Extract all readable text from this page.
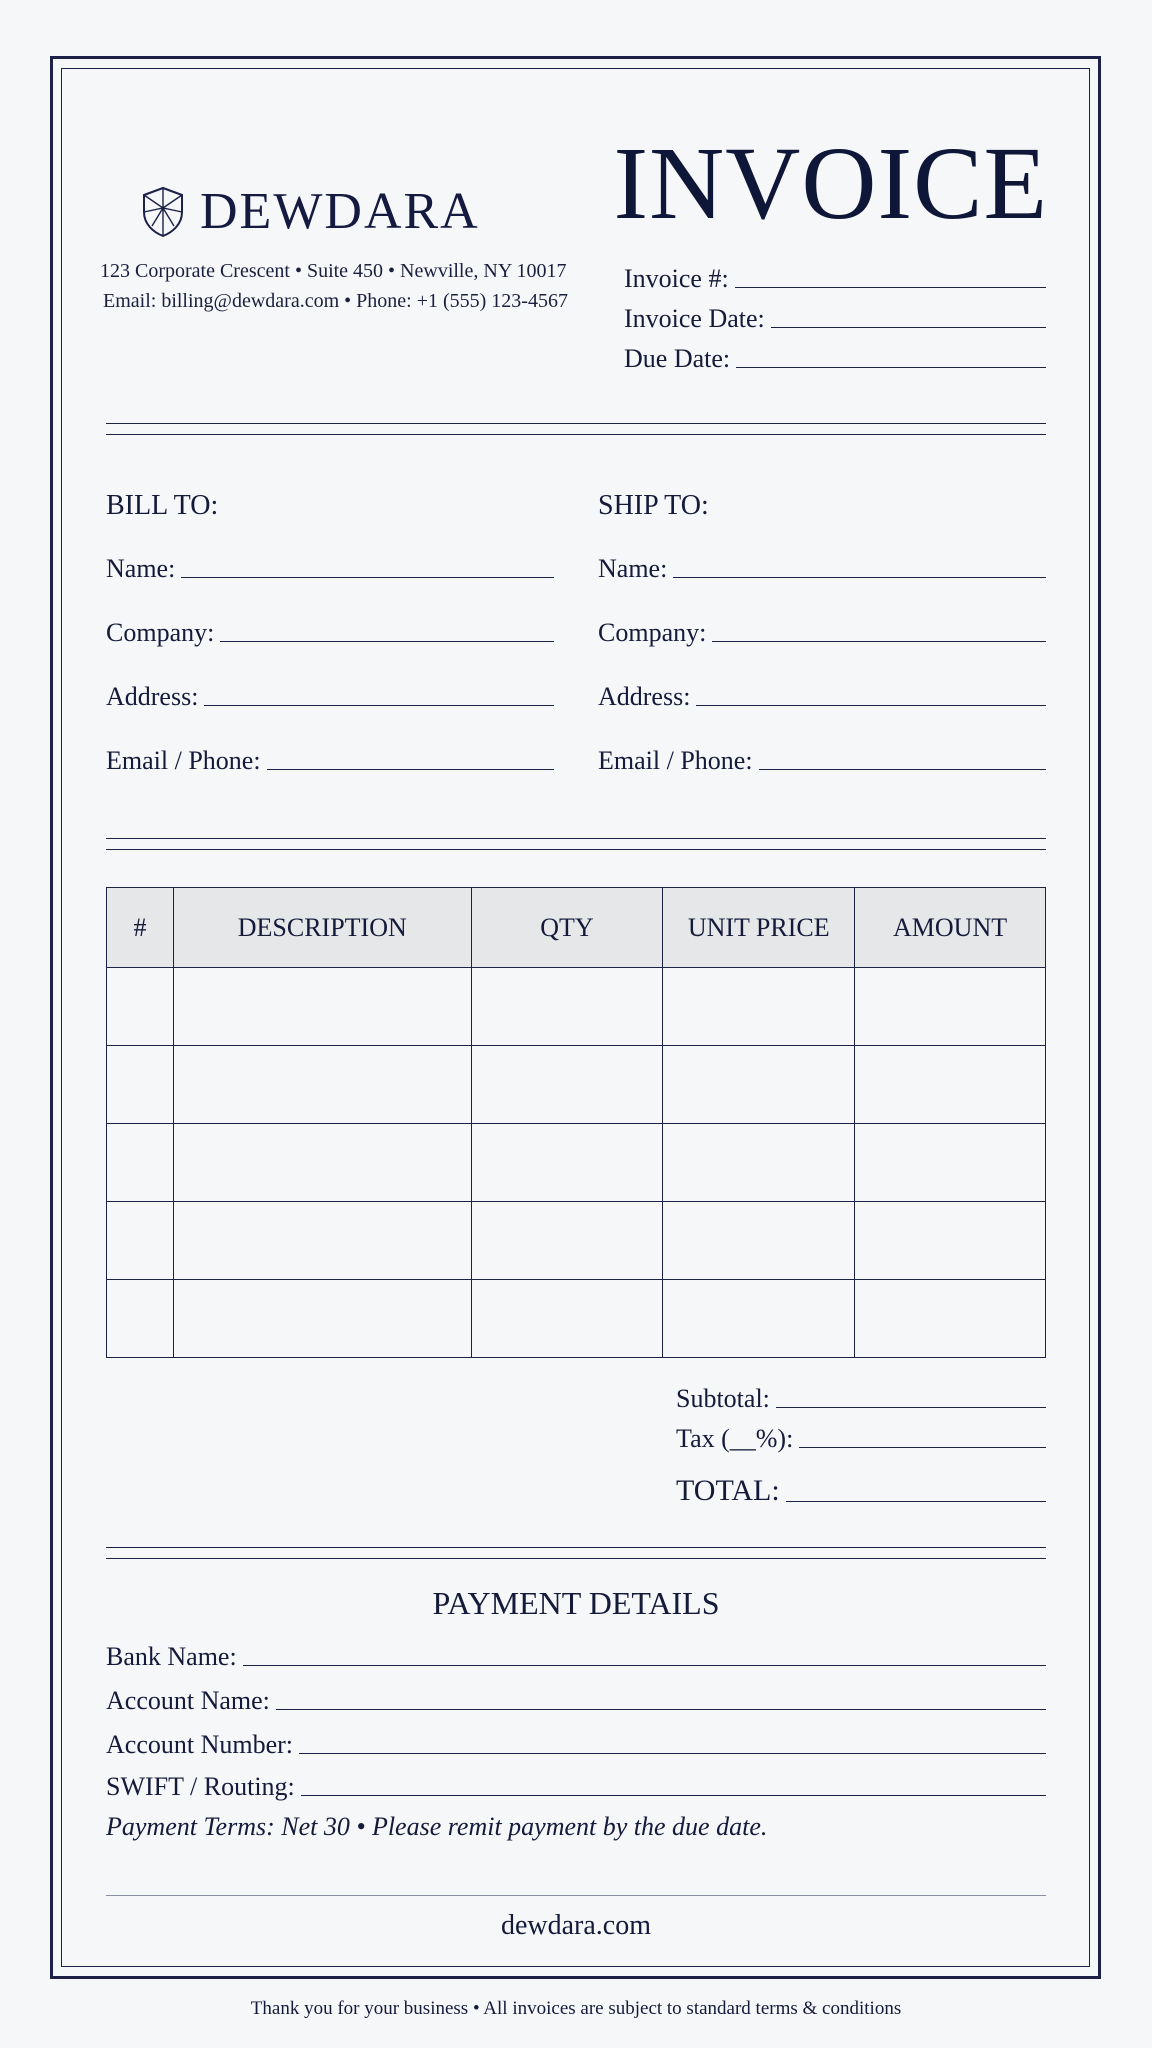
DEWDARA
123 Corporate Crescent • Suite 450 • Newville, NY 10017
Email: billing@dewdara.com • Phone: +1 (555) 123-4567
INVOICE
Invoice #:
Invoice Date:
Due Date:
BILL TO:
Name:
Company:
Address:
Email / Phone:
SHIP TO:
Name:
Company:
Address:
Email / Phone:
#	DESCRIPTION	QTY	UNIT PRICE	AMOUNT

Subtotal:
Tax (__%):
TOTAL:
PAYMENT DETAILS
Bank Name:
Account Name:
Account Number:
SWIFT / Routing:
Payment Terms: Net 30 • Please remit payment by the due date.
dewdara.com
Thank you for your business • All invoices are subject to standard terms & conditions
